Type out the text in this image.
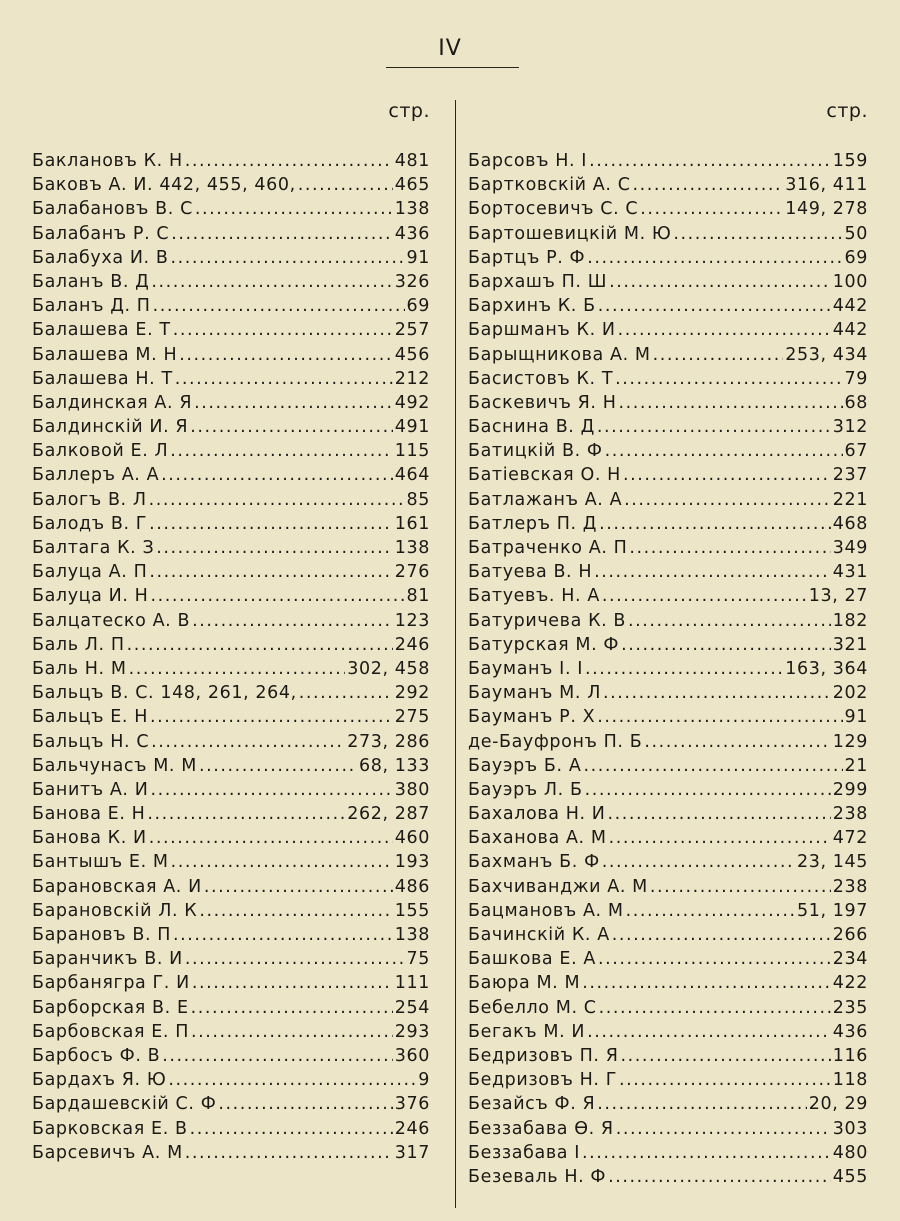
IV
стр.
Баклановъ К. Н . . .	481
Баковъ А. И. 442, 455, 460, . . .	465
Балабановъ В. С . . .	138
Балабанъ Р. С . . .	436
Балабуха И. В . . .	91
Баланъ В. Д . . .	326
Баланъ Д. П . . .	69
Балашева Е. Т . . .	257
Балашева М. Н . . .	456
Балашева Н. Т . . .	212
Балдинская А. Я . . .	492
Балдинскій И. Я . . .	491
Балковой Е. Л . . .	115
Баллеръ А. А . . .	464
Балогъ В. Л . . .	85
Балодъ В. Г . . .	161
Балтага К. З . . .	138
Балуца А. П . . .	276
Балуца И. Н . . .	81
Балцатеско А. В . . .	123
Баль Л. П . . .	246
Баль Н. М . . .	302, 458
Бальцъ В. С. 148, 261, 264, . . .	292
Бальцъ Е. Н . . .	275
Бальцъ Н. С . . .	273, 286
Бальчунасъ М. М . . .	68, 133
Банитъ А. И . . .	380
Банова Е. Н . . .	262, 287
Банова К. И . . .	460
Бантышъ Е. М . . .	193
Барановская А. И . . .	486
Барановскій Л. К . . .	155
Барановъ В. П . . .	138
Баранчикъ В. И . . .	75
Барбанягра Г. И . . .	111
Барборская В. Е . . .	254
Барбовская Е. П . . .	293
Барбосъ Ф. В . . .	360
Бардахъ Я. Ю . . .	9
Бардашевскій С. Ф . . .	376
Барковская Е. В . . .	246
Барсевичъ А. М . . .	317
стр.
Барсовъ Н. І . . .	159
Бартковскій А. С . . .	316, 411
Бортосевичъ С. С . . .	149, 278
Бартошевицкій М. Ю . . .	50
Бартцъ Р. Ф . . .	69
Бархашъ П. Ш . . .	100
Бархинъ К. Б . . .	442
Баршманъ К. И . . .	442
Барыщникова А. М . . .	253, 434
Басистовъ К. Т . . .	79
Баскевичъ Я. Н . . .	68
Баснина В. Д . . .	312
Батицкій В. Ф . . .	67
Батіевская О. Н . . .	237
Батлажанъ А. А . . .	221
Батлеръ П. Д . . .	468
Батраченко А. П . . .	349
Батуева В. Н . . .	431
Батуевъ. Н. А . . .	13, 27
Батуричева К. В . . .	182
Батурская М. Ф . . .	321
Бауманъ І. І . . .	163, 364
Бауманъ М. Л . . .	202
Бауманъ Р. Х . . .	91
де-Бауфронъ П. Б . . .	129
Бауэръ Б. А . . .	21
Бауэръ Л. Б . . .	299
Бахалова Н. И . . .	238
Баханова А. М . . .	472
Бахманъ Б. Ф . . .	23, 145
Бахчиванджи А. М . . .	238
Бацмановъ А. М . . .	51, 197
Бачинскій К. А . . .	266
Башкова Е. А . . .	234
Баюра М. М . . .	422
Бебелло М. С . . .	235
Бегакъ М. И . . .	436
Бедризовъ П. Я . . .	116
Бедризовъ Н. Г . . .	118
Безайсъ Ф. Я . . .	20, 29
Беззабава Ѳ. Я . . .	303
Беззабава І . . .	480
Безеваль Н. Ф . . .	455
